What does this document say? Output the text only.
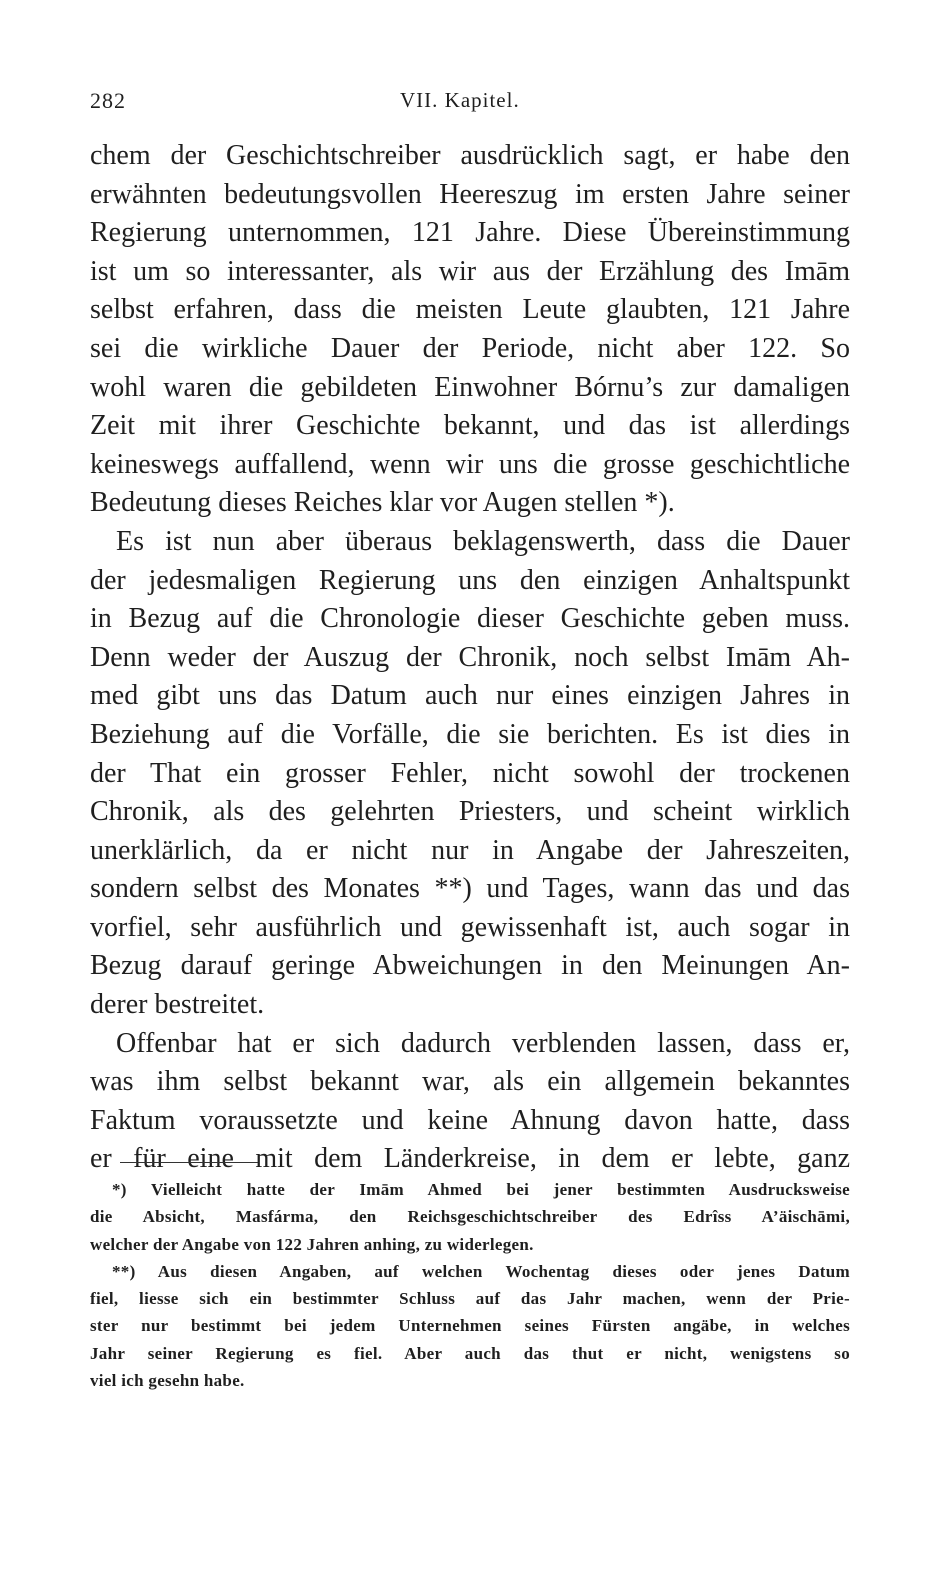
282	VII. Kapitel.
chem der Geschichtschreiber ausdrücklich sagt, er habe den
erwähnten bedeutungsvollen Heereszug im ersten Jahre seiner
Regierung unternommen, 121 Jahre. Diese Übereinstimmung
ist um so interessanter, als wir aus der Erzählung des Imām
selbst erfahren, dass die meisten Leute glaubten, 121 Jahre
sei die wirkliche Dauer der Periode, nicht aber 122. So
wohl waren die gebildeten Einwohner Bórnu’s zur damaligen
Zeit mit ihrer Geschichte bekannt, und das ist allerdings
keineswegs auffallend, wenn wir uns die grosse geschichtliche
Bedeutung dieses Reiches klar vor Augen stellen *).
Es ist nun aber überaus beklagenswerth, dass die Dauer
der jedesmaligen Regierung uns den einzigen Anhaltspunkt
in Bezug auf die Chronologie dieser Geschichte geben muss.
Denn weder der Auszug der Chronik, noch selbst Imām Ah-
med gibt uns das Datum auch nur eines einzigen Jahres in
Beziehung auf die Vorfälle, die sie berichten. Es ist dies in
der That ein grosser Fehler, nicht sowohl der trockenen
Chronik, als des gelehrten Priesters, und scheint wirklich
unerklärlich, da er nicht nur in Angabe der Jahreszeiten,
sondern selbst des Monates **) und Tages, wann das und das
vorfiel, sehr ausführlich und gewissenhaft ist, auch sogar in
Bezug darauf geringe Abweichungen in den Meinungen An-
derer bestreitet.
Offenbar hat er sich dadurch verblenden lassen, dass er,
was ihm selbst bekannt war, als ein allgemein bekanntes
Faktum voraussetzte und keine Ahnung davon hatte, dass
er für eine mit dem Länderkreise, in dem er lebte, ganz
*) Vielleicht hatte der Imām Ahmed bei jener bestimmten Ausdrucksweise
die Absicht, Masfárma, den Reichsgeschichtschreiber des Edrîss A’äischāmi,
welcher der Angabe von 122 Jahren anhing, zu widerlegen.
**) Aus diesen Angaben, auf welchen Wochentag dieses oder jenes Datum
fiel, liesse sich ein bestimmter Schluss auf das Jahr machen, wenn der Prie-
ster nur bestimmt bei jedem Unternehmen seines Fürsten angäbe, in welches
Jahr seiner Regierung es fiel. Aber auch das thut er nicht, wenigstens so
viel ich gesehn habe.
